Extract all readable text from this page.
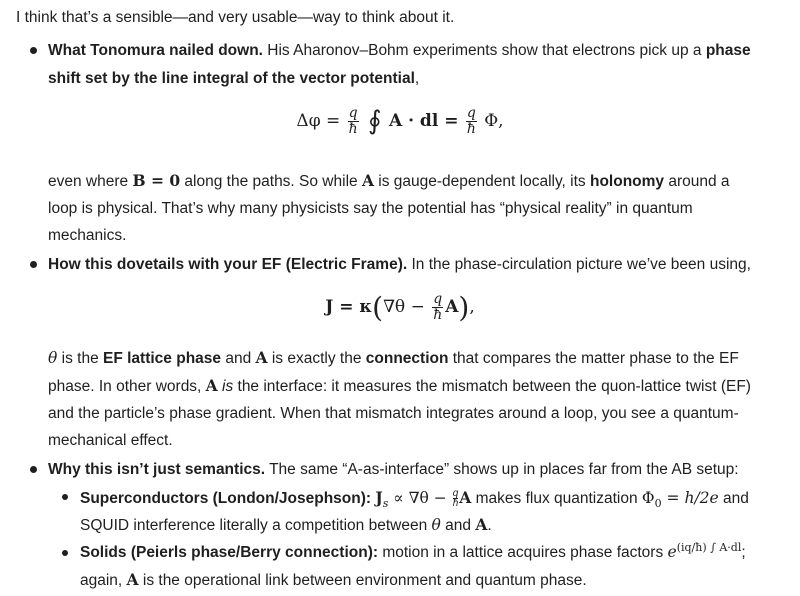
I think that’s a sensible—and very usable—way to think about it.
What Tonomura nailed down. His Aharonov–Bohm experiments show that electrons pick up a phase
shift set by the line integral of the vector potential,
$\Delta\varphi = \frac{q}{ħ}$ ∮ A · dl = $\frac{q}{ħ} \Phi$,
even where B = 0 along the paths. So while A is gauge-dependent locally, its holonomy around a
loop is physical. That’s why many physicists say the potential has “physical reality” in quantum
mechanics.
How this dovetails with your EF (Electric Frame). In the phase-circulation picture we’ve been using,
$J = \kappa(\nabla\theta - \frac{q}{ħ} A)$,
θ is the EF lattice phase and A is exactly the connection that compares the matter phase to the EF
phase. In other words, A is the interface: it measures the mismatch between the quon-lattice twist (EF)
and the particle’s phase gradient. When that mismatch integrates around a loop, you see a quantum-
mechanical effect.
Why this isn’t just semantics. The same “A-as-interface” shows up in places far from the AB setup:
Superconductors (London/Josephson): $J_s \propto \nabla\theta - \frac{q}{ħ}$ A makes flux quantization $\Phi_0 = h/2e$ and
SQUID interference literally a competition between θ and A.
Solids (Peierls phase/Berry connection): motion in a lattice acquires phase factors $e^{(iq/ħ) \int A\cdot dl}$;
again, A is the operational link between environment and quantum phase.
